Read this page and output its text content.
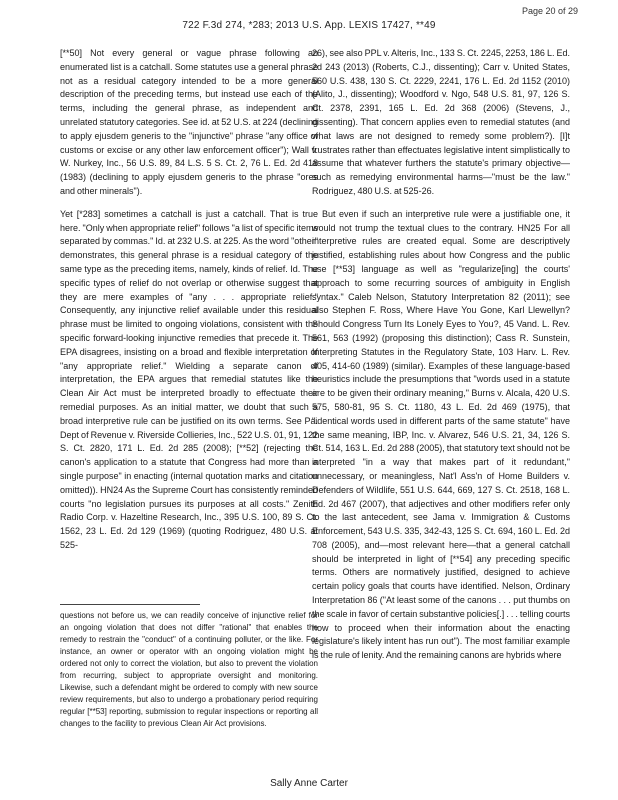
Page 20 of 29
722 F.3d 274, *283; 2013 U.S. App. LEXIS 17427, **49

[**50] Not every general or vague phrase following an enumerated list is a catchall. Some statutes use a general phrase not as a residual category intended to be a more general description of the preceding terms, but instead use each of the terms, including the general phrase, as independent and unrelated statutory categories. See id. at 52 U.S. at 224 (declining to apply ejusdem generis to the "injunctive" phrase "any office of customs or excise or any other law enforcement officer"); Wall v. W. Nurkey, Inc., 56 U.S. 89, 84 L.S. 5 S. Ct. 2, 76 L. Ed. 2d 418 (1983) (declining to apply ejusdem generis to the phrase "ores and other minerals").

Yet [*283] sometimes a catchall is just a catchall. That is true here. "Only when appropriate relief" follows "a list of specific items separated by commas." Id. at 232 U.S. at 225. As the word "other" demonstrates, this general phrase is a residual category of the same type as the preceding items, namely, kinds of relief. Id. The specific types of relief do not overlap or otherwise suggest that they are mere examples of "any . . . appropriate relief." Consequently, any injunctive relief available under this residual phrase must be limited to ongoing violations, consistent with the specific forward-looking injunctive remedies that precede it. The EPA disagrees, insisting on a broad and flexible interpretation of "any appropriate relief." Wielding a separate canon of interpretation, the EPA argues that remedial statutes like the Clean Air Act must be interpreted broadly to effectuate their remedial purposes. As an initial matter, we doubt that such a broad interpretive rule can be justified on its own terms. See Pa. Dept of Revenue v. Riverside Collieries, Inc., 522 U.S. 01, 91, 122 S. Ct. 2820, 171 L. Ed. 2d 285 (2008); [**52] (rejecting the canon's application to a statute that Congress had more than a single purpose" in enacting (internal quotation marks and citation omitted)). HN24 As the Supreme Court has consistently reminded courts "no legislation pursues its purposes at all costs." Zenith Radio Corp. v. Hazeltine Research, Inc., 395 U.S. 100, 89 S. Ct. 1562, 23 L. Ed. 2d 129 (1969) (quoting Rodriguez, 480 U.S. at 525-

questions not before us, we can readily conceive of injunctive relief for an ongoing violation that does not differ "rational" that enables the remedy to restrain the "conduct" of a continuing polluter, or the like. For instance, an owner or operator with an ongoing violation might be ordered not only to correct the violation, but also to prevent the violation from recurring, subject to appropriate oversight and monitoring. Likewise, such a defendant might be ordered to comply with new source review requirements, but also to undergo a probationary period requiring regular [**53] reporting, submission to regular inspections or reporting all changes to the facility to previous Clean Air Act provisions.

26), see also PPL v. Alteris, Inc., 133 S. Ct. 2245, 2253, 186 L. Ed. 2d 243 (2013) (Roberts, C.J., dissenting); Carr v. United States, 560 U.S. 438, 130 S. Ct. 2229, 2241, 176 L. Ed. 2d 1152 (2010) (Alito, J., dissenting); Woodford v. Ngo, 548 U.S. 81, 97, 126 S. Ct. 2378, 2391, 165 L. Ed. 2d 368 (2006) (Stevens, J., dissenting). That concern applies even to remedial statutes (and what laws are not designed to remedy some problem?). [I]t frustrates rather than effectuates legislative intent simplistically to assume that whatever furthers the statute's primary objective—such as remedying environmental harms—"must be the law." Rodriguez, 480 U.S. at 525-26.

But even if such an interpretive rule were a justifiable one, it would not trump the textual clues to the contrary. HN25 For all interpretive rules are created equal. Some are descriptively justified, establishing rules about how Congress and the public use [**53] language as well as "regularize[ing] the courts' approach to some recurring sources of ambiguity in English syntax." Caleb Nelson, Statutory Interpretation 82 (2011); see also Stephen F. Ross, Where Have You Gone, Karl Llewellyn? Should Congress Turn Its Lonely Eyes to You?, 45 Vand. L. Rev. 561, 563 (1992) (proposing this distinction); Cass R. Sunstein, Interpreting Statutes in the Regulatory State, 103 Harv. L. Rev. 405, 414-60 (1989) (similar). Examples of these language-based heuristics include the presumptions that "words used in a statute are to be given their ordinary meaning," Burns v. Alcala, 420 U.S. 575, 580-81, 95 S. Ct. 1180, 43 L. Ed. 2d 469 (1975), that "identical words used in different parts of the same statute" have the same meaning, IBP, Inc. v. Alvarez, 546 U.S. 21, 34, 126 S. Ct. 514, 163 L. Ed. 2d 288 (2005), that statutory text should not be interpreted "in a way that makes part of it redundant," unnecessary, or meaningless, Nat'l Ass'n of Home Builders v. Defenders of Wildlife, 551 U.S. 644, 669, 127 S. Ct. 2518, 168 L. Ed. 2d 467 (2007), that adjectives and other modifiers refer only to the last antecedent, see Jama v. Immigration & Customs Enforcement, 543 U.S. 335, 342-43, 125 S. Ct. 694, 160 L. Ed. 2d 708 (2005), and—most relevant here—that a general catchall should be interpreted in light of [**54] any preceding specific terms. Others are normatively justified, designed to achieve certain policy goals that courts have identified. Nelson, Ordinary Interpretation 86 ("At least some of the canons . . . put thumbs on the scale in favor of certain substantive policies[.] . . . telling courts how to proceed when their information about the enacting legislature's likely intent has run out"). The most familiar example is the rule of lenity. And the remaining canons are hybrids where

Sally Anne Carter
